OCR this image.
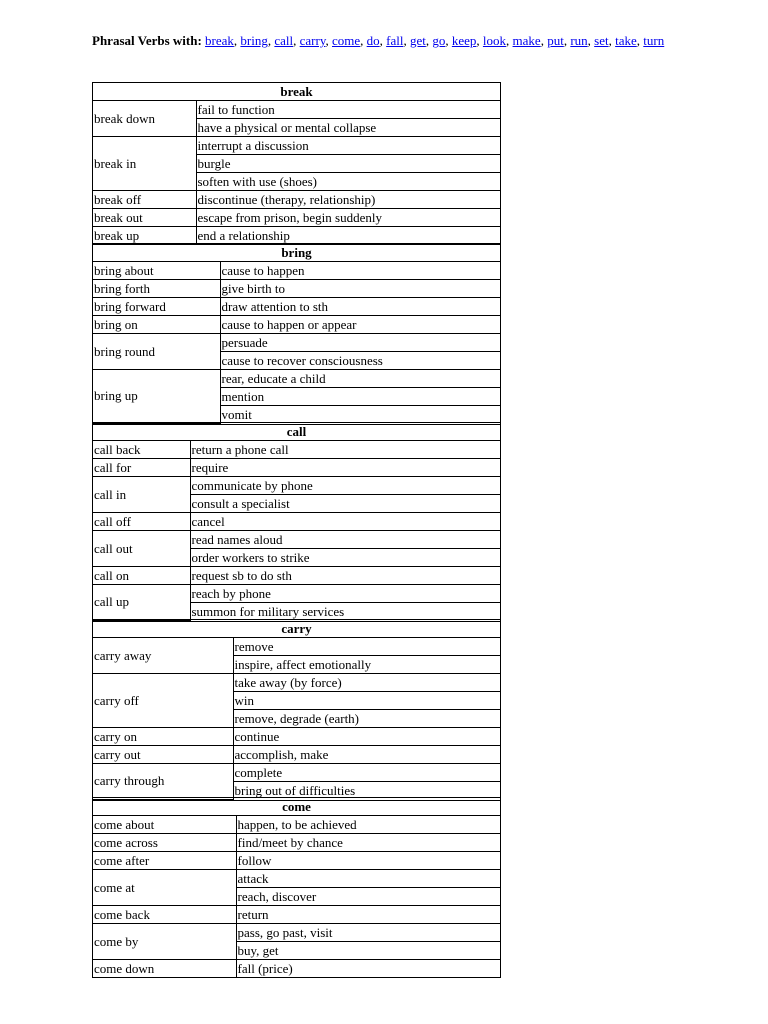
Phrasal Verbs with: break, bring, call, carry, come, do, fall, get, go, keep, look, make, put, run, set, take, turn
break	
break down	fail to function
	have a physical or mental collapse
break in	interrupt a discussion
	burgle
	soften with use (shoes)
break off	discontinue (therapy, relationship)
break out	escape from prison, begin suddenly
break up	end a relationship
bring	
bring about	cause to happen
bring forth	give birth to
bring forward	draw attention to sth
bring on	cause to happen or appear
bring round	persuade
	cause to recover consciousness
bring up	rear, educate a child
	mention
	vomit
call	
call back	return a phone call
call for	require
call in	communicate by phone
	consult a specialist
call off	cancel
call out	read names aloud
	order workers to strike
call on	request sb to do sth
call up	reach by phone
	summon for military services
carry	
carry away	remove
	inspire, affect emotionally
carry off	take away (by force)
	win
	remove, degrade (earth)
carry on	continue
carry out	accomplish, make
carry through	complete
	bring out of difficulties
come	
come about	happen, to be achieved
come across	find/meet by chance
come after	follow
come at	attack
	reach, discover
come back	return
come by	pass, go past, visit
	buy, get
come down	fall (price)
